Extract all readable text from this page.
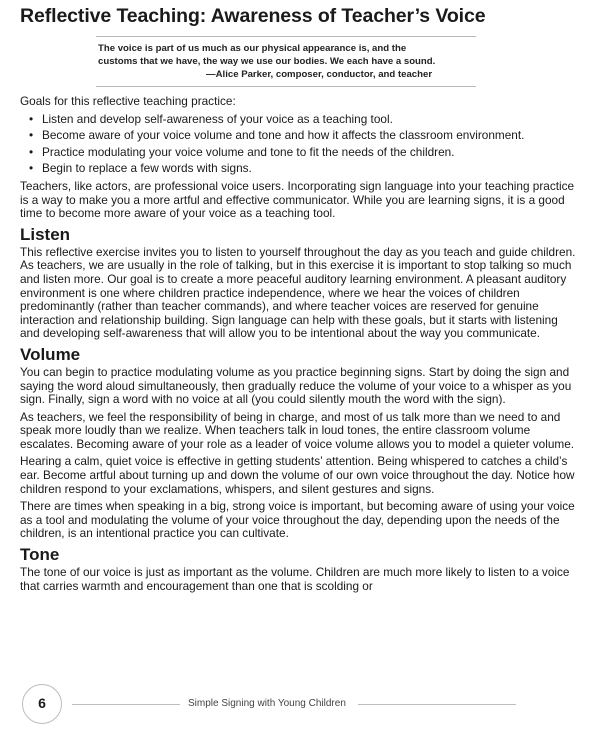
Reflective Teaching: Awareness of Teacher’s Voice

The voice is part of us much as our physical appearance is, and the

customs that we have, the way we use our bodies. We each have a sound.

—Alice Parker, composer, conductor, and teacher

Goals for this reflective teaching practice:

• Listen and develop self-awareness of your voice as a teaching tool.
• Become aware of your voice volume and tone and how it affects the classroom environment.
• Practice modulating your voice volume and tone to fit the needs of the children.
• Begin to replace a few words with signs.

Teachers, like actors, are professional voice users. Incorporating sign language into your teaching practice is a way to make you a more artful and effective communicator. While you are learning signs, it is a good time to become more aware of your voice as a teaching tool.

Listen

This reflective exercise invites you to listen to yourself throughout the day as you teach and guide children. As teachers, we are usually in the role of talking, but in this exercise it is important to stop talking so much and listen more. Our goal is to create a more peaceful auditory learning environment. A pleasant auditory environment is one where children practice independence, where we hear the voices of children predominantly (rather than teacher commands), and where teacher voices are reserved for genuine interaction and relationship building. Sign language can help with these goals, but it starts with listening and developing self-awareness that will allow you to be intentional about the way you communicate.

Volume

You can begin to practice modulating volume as you practice beginning signs. Start by doing the sign and saying the word aloud simultaneously, then gradually reduce the volume of your voice to a whisper as you sign. Finally, sign a word with no voice at all (you could silently mouth the word with the sign).

As teachers, we feel the responsibility of being in charge, and most of us talk more than we need to and speak more loudly than we realize. When teachers talk in loud tones, the entire classroom volume escalates. Becoming aware of your role as a leader of voice volume allows you to model a quieter volume.

Hearing a calm, quiet voice is effective in getting students’ attention. Being whispered to catches a child’s ear. Become artful about turning up and down the volume of our own voice throughout the day. Notice how children respond to your exclamations, whispers, and silent gestures and signs.

There are times when speaking in a big, strong voice is important, but becoming aware of using your voice as a tool and modulating the volume of your voice throughout the day, depending upon the needs of the children, is an intentional practice you can cultivate.

Tone

The tone of our voice is just as important as the volume. Children are much more likely to listen to a voice that carries warmth and encouragement than one that is scolding or

6	Simple Signing with Young Children
